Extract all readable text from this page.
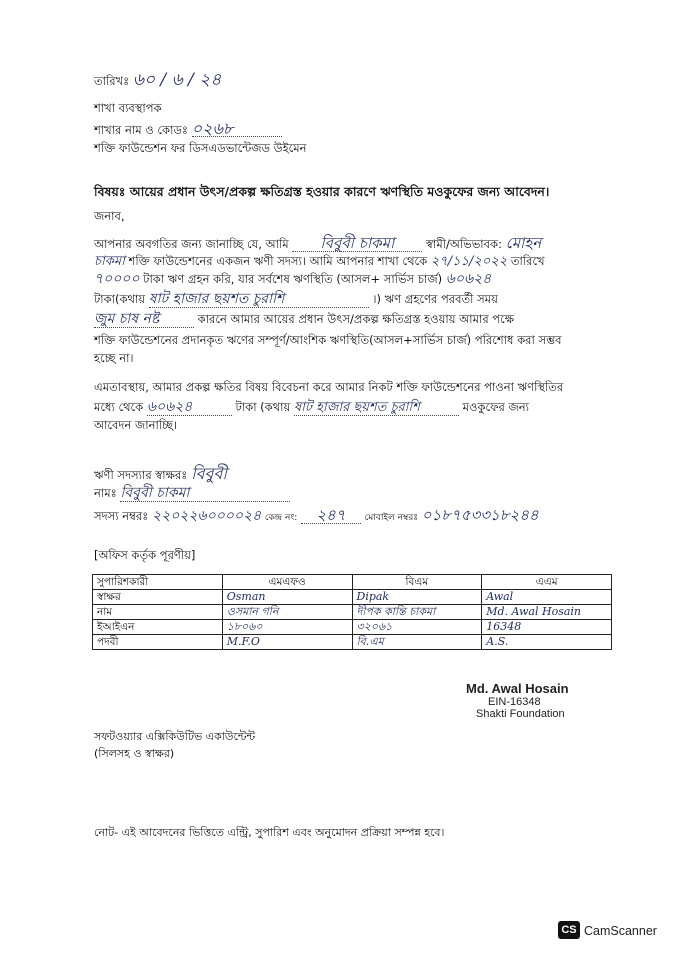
তারিখঃ ৬০ / ৬ / ২৪
শাখা ব্যবস্থাপক
শাখার নাম ও কোডঃ ০২৬৮
শক্তি ফাউন্ডেশন ফর ডিসএডভান্টেজড উইমেন
বিষয়ঃ আয়ের প্রধান উৎস/প্রকল্প ক্ষতিগ্রস্ত হওয়ার কারণে ঋণস্থিতি মওকুফের জন্য আবেদন।
জনাব,
আপনার অবগতির জন্য জানাচ্ছি যে, আমি বিবুবী চাকমা	স্বামী/অভিভাবক: মোহন
চাকমা শক্তি ফাউন্ডেশনের একজন ঋণী সদস্য। আমি আপনার শাখা থেকে ২৭/১১/২০২২ তারিখে
৭০০০০ টাকা ঋণ গ্রহন করি, যার সর্বশেষ ঋণস্থিতি (আসল+ সার্ভিস চার্জ) ৬০৬২৪
টাকা(কথায় ষাট হাজার ছয়শত চুরাশি	।) ঋণ গ্রহণের পরবর্তী সময়
জুম চাষ নষ্ট	কারনে আমার আয়ের প্রধান উৎস/প্রকল্প ক্ষতিগ্রস্ত হওয়ায় আমার পক্ষে
শক্তি ফাউন্ডেশনের প্রদানকৃত ঋণের সম্পূর্ণ/আংশিক ঋণস্থিতি(আসল+সার্ভিস চার্জ) পরিশোধ করা সম্ভব
হচ্ছে না।
এমতাবস্থায়, আমার প্রকল্প ক্ষতির বিষয় বিবেচনা করে আমার নিকট শক্তি ফাউন্ডেশনের পাওনা ঋণস্থিতির
মধ্যে থেকে ৬০৬২৪	টাকা (কথায় ষাট হাজার ছয়শত চুরাশি	মওকুফের জন্য
আবেদন জানাচ্ছি।
ঋণী সদস্যার স্বাক্ষরঃ বিবুবী
নামঃ বিবুবী চাকমা
সদস্য নম্বরঃ ২২০২২৬০০০০২৪ কেন্দ্র নং: ২৪৭ মোবাইল নম্বরঃ ০১৮৭৫৩৩১৮২৪৪
[অফিস কর্তৃক পূরণীয়]
সুপারিশকারী	এমএফও	বিএম	এএম
স্বাক্ষর	Osman	Dipak	Awal
নাম	ওসমান গনি	দীপক কান্তি চাকমা	Md. Awal Hosain
ইআইএন	১৮০৬০	৩২০৬১	16348
পদবী	M.F.O	বি.এম	A.S.
Md. Awal Hosain
EIN-16348
Shakti Foundation
সফটওয়্যার এক্সিকিউটিভ একাউন্টেন্ট
(সিলসহ ও স্বাক্ষর)
নোট- এই আবেদনের ভিত্তিতে এন্ট্রি, সুপারিশ এবং অনুমোদন প্রক্রিয়া সম্পন্ন হবে।
CS CamScanner
